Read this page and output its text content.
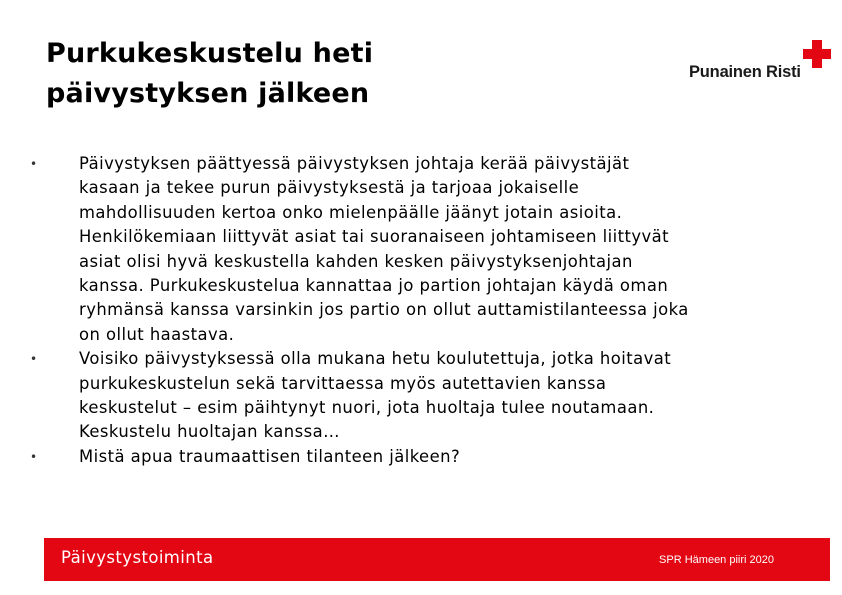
Purkukeskustelu heti
päivystyksen jälkeen
Punainen Risti
•	Päivystyksen päättyessä päivystyksen johtaja kerää päivystäjät
kasaan ja tekee purun päivystyksestä ja tarjoaa jokaiselle
mahdollisuuden kertoa onko mielenpäälle jäänyt jotain asioita.
Henkilökemiaan liittyvät asiat tai suoranaiseen johtamiseen liittyvät
asiat olisi hyvä keskustella kahden kesken päivystyksenjohtajan
kanssa. Purkukeskustelua kannattaa jo partion johtajan käydä oman
ryhmänsä kanssa varsinkin jos partio on ollut auttamistilanteessa joka
on ollut haastava.
•	Voisiko päivystyksessä olla mukana hetu koulutettuja, jotka hoitavat
purkukeskustelun sekä tarvittaessa myös autettavien kanssa
keskustelut – esim päihtynyt nuori, jota huoltaja tulee noutamaan.
Keskustelu huoltajan kanssa…
•	Mistä apua traumaattisen tilanteen jälkeen?
Päivystystoiminta	SPR Hämeen piiri 2020
